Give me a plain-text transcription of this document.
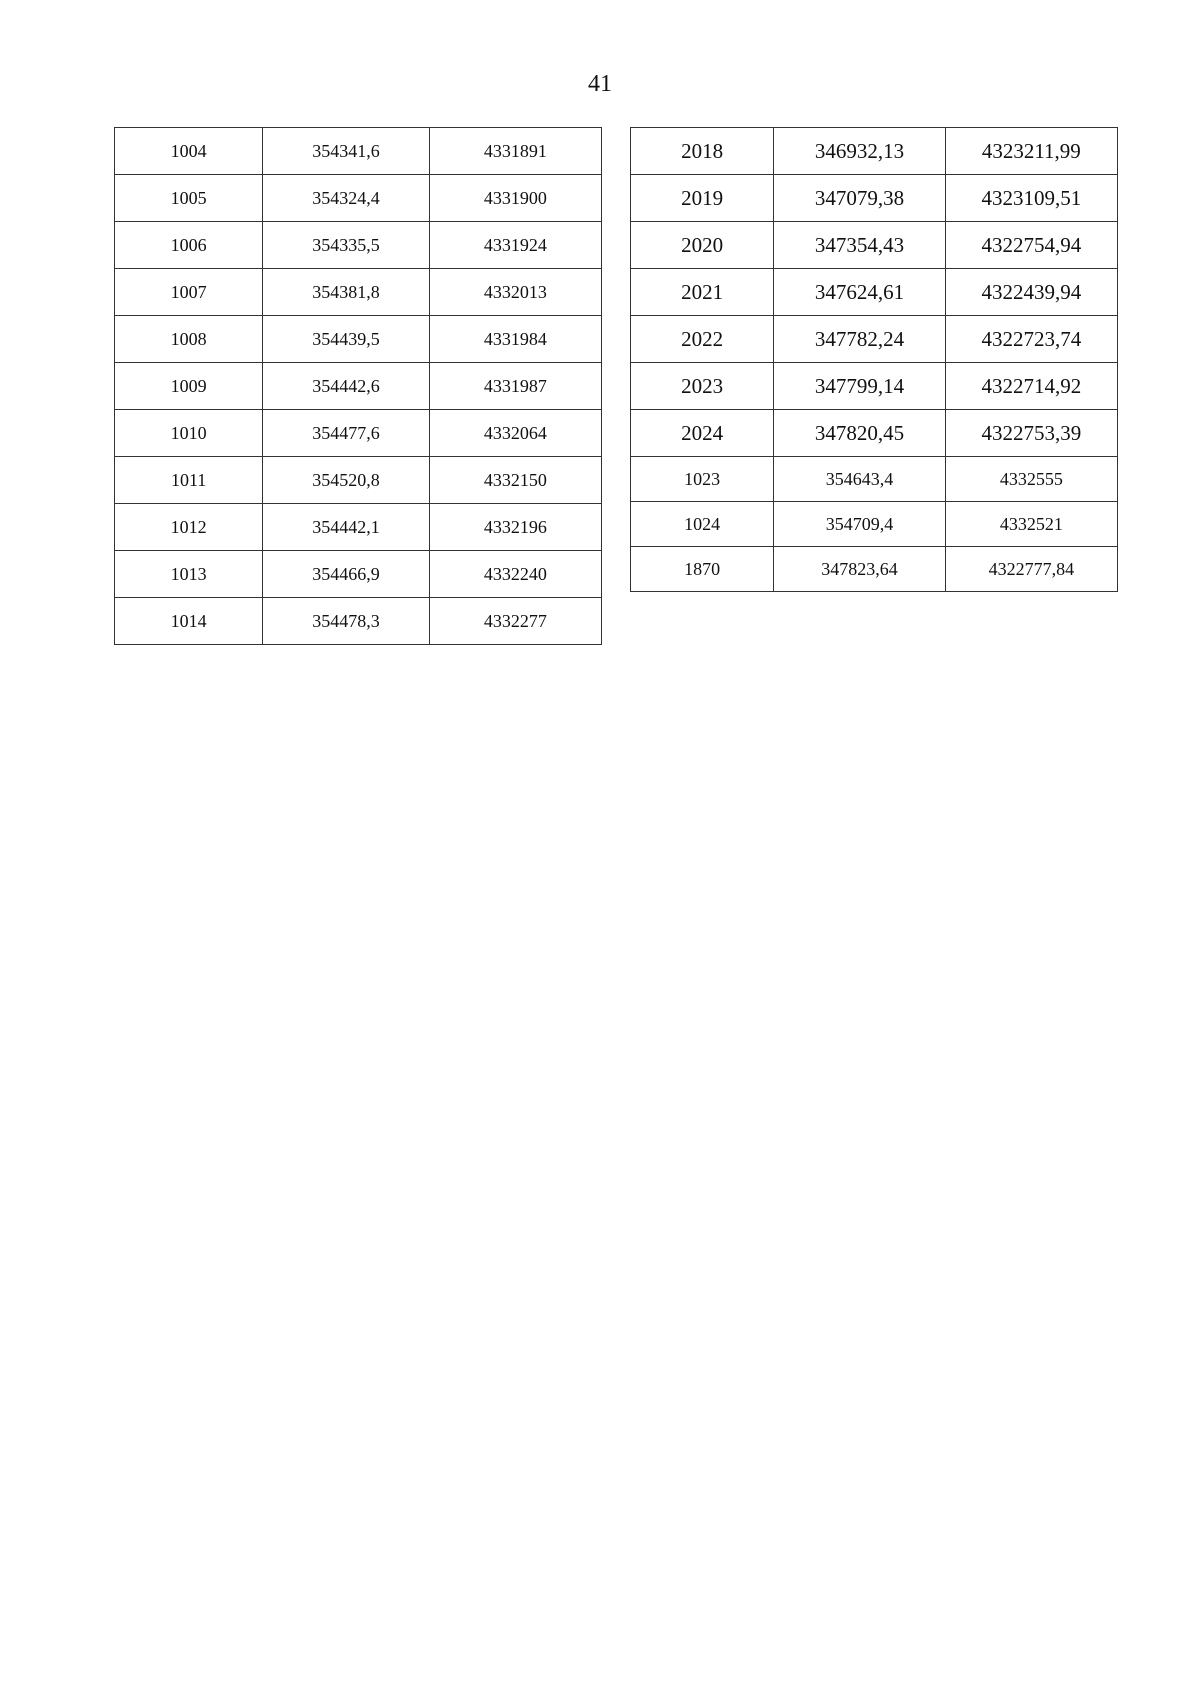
41
1004	354341,6	4331891
1005	354324,4	4331900
1006	354335,5	4331924
1007	354381,8	4332013
1008	354439,5	4331984
1009	354442,6	4331987
1010	354477,6	4332064
1011	354520,8	4332150
1012	354442,1	4332196
1013	354466,9	4332240
1014	354478,3	4332277
2018	346932,13	4323211,99
2019	347079,38	4323109,51
2020	347354,43	4322754,94
2021	347624,61	4322439,94
2022	347782,24	4322723,74
2023	347799,14	4322714,92
2024	347820,45	4322753,39
1023	354643,4	4332555
1024	354709,4	4332521
1870	347823,64	4322777,84
